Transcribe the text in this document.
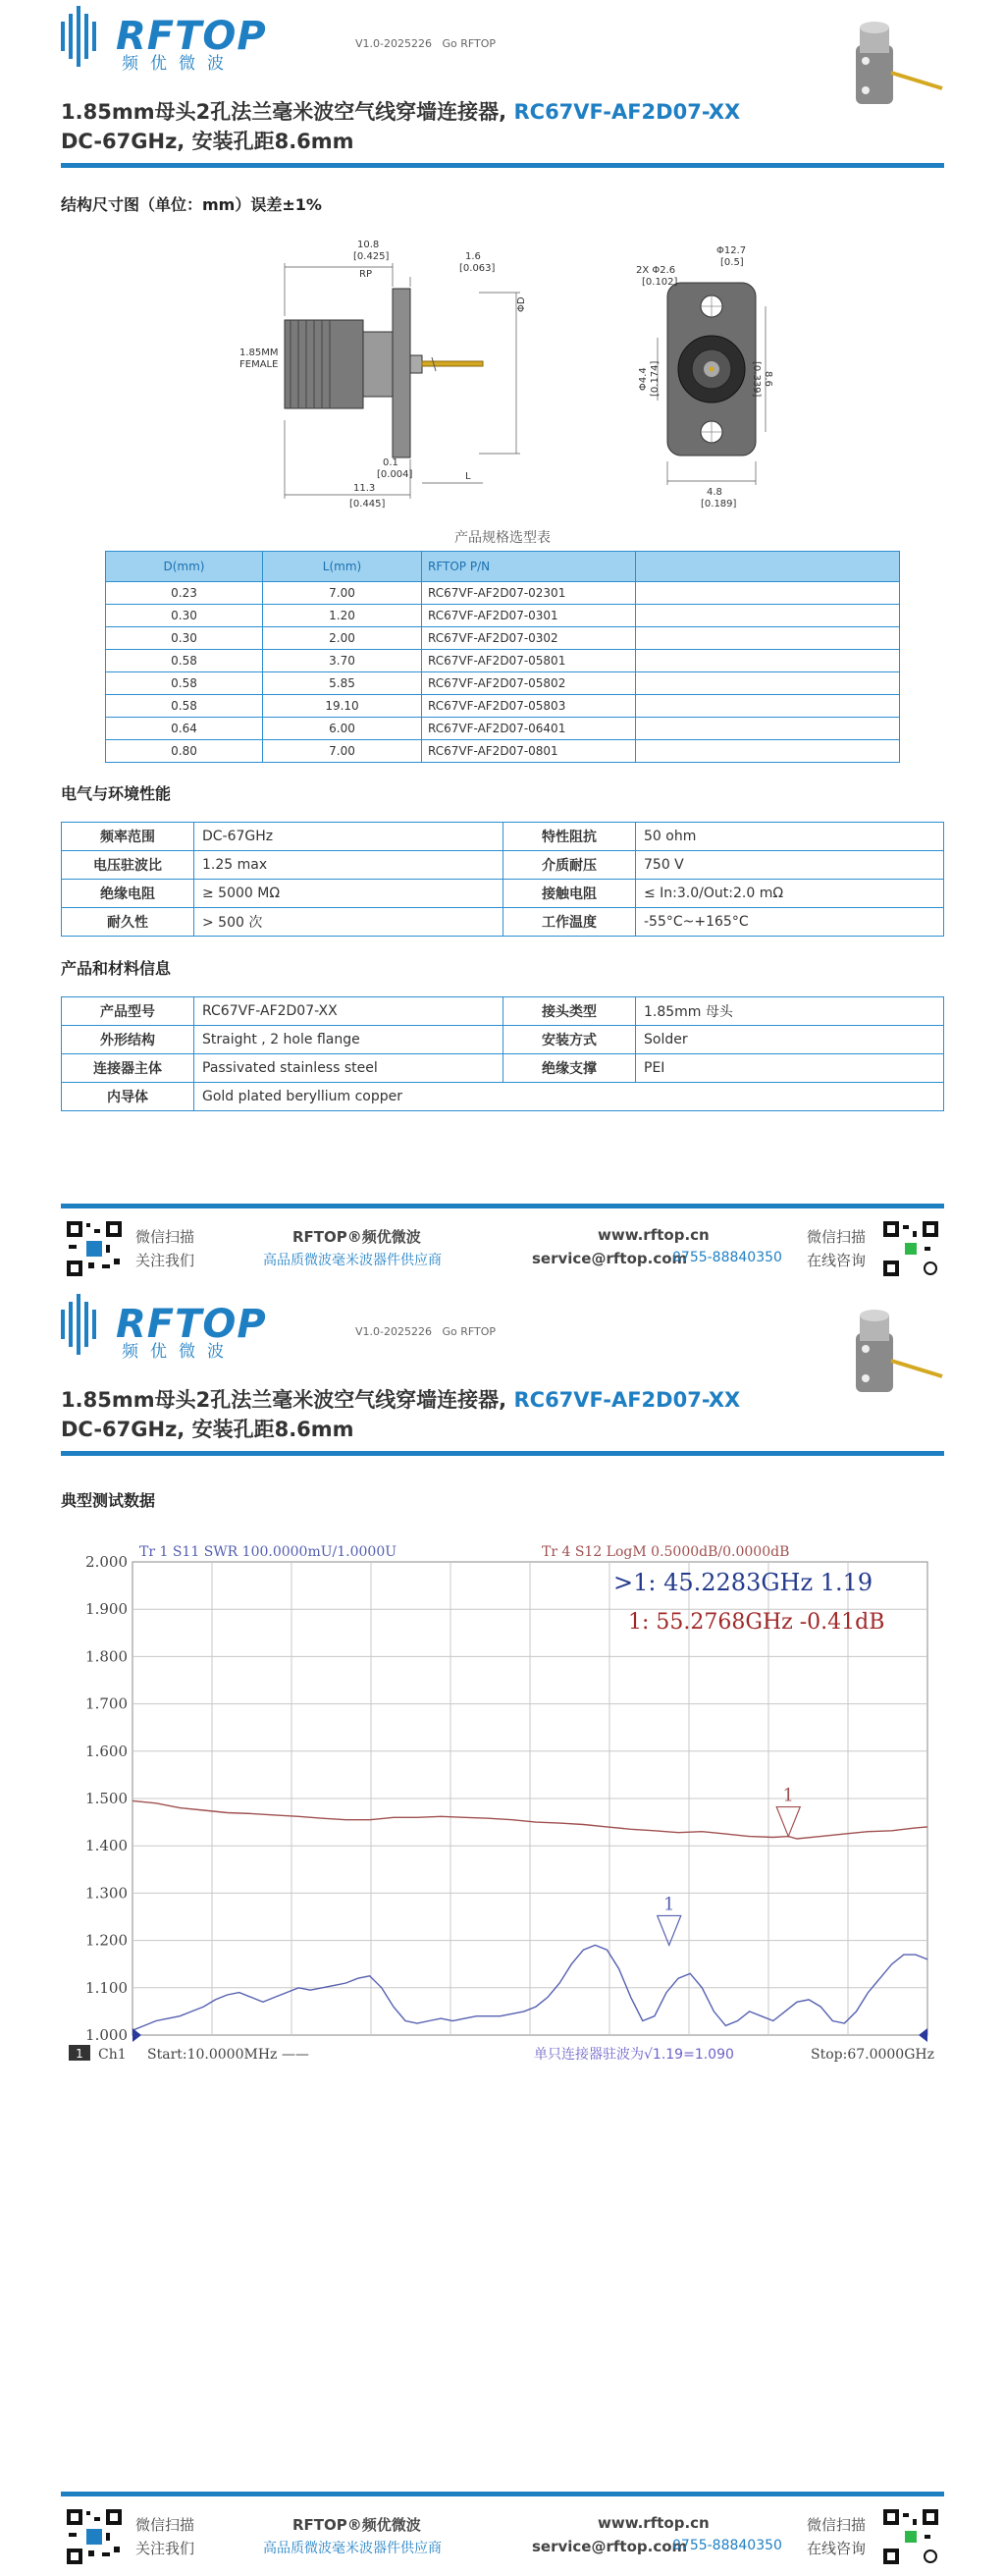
RFTOP
频优微波
V1.0-2025226 Go RFTOP
1.85mm母头2孔法兰毫米波空气线穿墙连接器, RC67VF-AF2D07-XX
DC-67GHz, 安装孔距8.6mm
结构尺寸图（单位：mm）误差±1%
10.8
[0.425]
RP
1.6
[0.063]
ΦD
1.85MM
FEMALE
0.1
[0.004]
11.3
[0.445]
L
2X Φ2.6
[0.102]
Φ12.7
[0.5]
Φ4.4 [0.174]	8.6
[0.339]
4.8
[0.189]
产品规格选型表
D(mm)	L(mm)	RFTOP P/N	
0.23	7.00	RC67VF-AF2D07-02301	
0.30	1.20	RC67VF-AF2D07-0301	
0.30	2.00	RC67VF-AF2D07-0302	
0.58	3.70	RC67VF-AF2D07-05801	
0.58	5.85	RC67VF-AF2D07-05802	
0.58	19.10	RC67VF-AF2D07-05803	
0.64	6.00	RC67VF-AF2D07-06401	
0.80	7.00	RC67VF-AF2D07-0801	
电气与环境性能
频率范围	DC-67GHz	特性阻抗	50 ohm
电压驻波比	1.25 max	介质耐压	750 V
绝缘电阻	≥ 5000 MΩ	接触电阻	≤ In:3.0/Out:2.0 mΩ
耐久性	> 500 次	工作温度	-55°C~+165°C
产品和材料信息
产品型号	RC67VF-AF2D07-XX	接头类型	1.85mm 母头
外形结构	Straight , 2 hole flange	安装方式	Solder
连接器主体	Passivated stainless steel	绝缘支撑	PEI
内导体	Gold plated beryllium copper		
微信扫描
关注我们
RFTOP®频优微波
高品质微波毫米波器件供应商
www.rftop.cn
service@rftop.com
0755-88840350
微信扫描
在线咨询
RFTOP
频优微波
V1.0-2025226 Go RFTOP
1.85mm母头2孔法兰毫米波空气线穿墙连接器, RC67VF-AF2D07-XX
DC-67GHz, 安装孔距8.6mm
典型测试数据
微信扫描
关注我们
RFTOP®频优微波
高品质微波毫米波器件供应商
www.rftop.cn
service@rftop.com
0755-88840350
微信扫描
在线咨询
2.000
1.900
1.800
1.700
1.600
1.500
1.400
1.300
1.200
1.100
1.000
1
1
Tr 1 S11 SWR 100.0000mU/1.0000U	Tr 4 S12 LogM 0.5000dB/0.0000dB
>1: 45.2283GHz 1.19
1: 55.2768GHz -0.41dB
1 Ch1 Start:10.0000MHz ——	单只连接器驻波为√1.19=1.090	Stop:67.0000GHz
